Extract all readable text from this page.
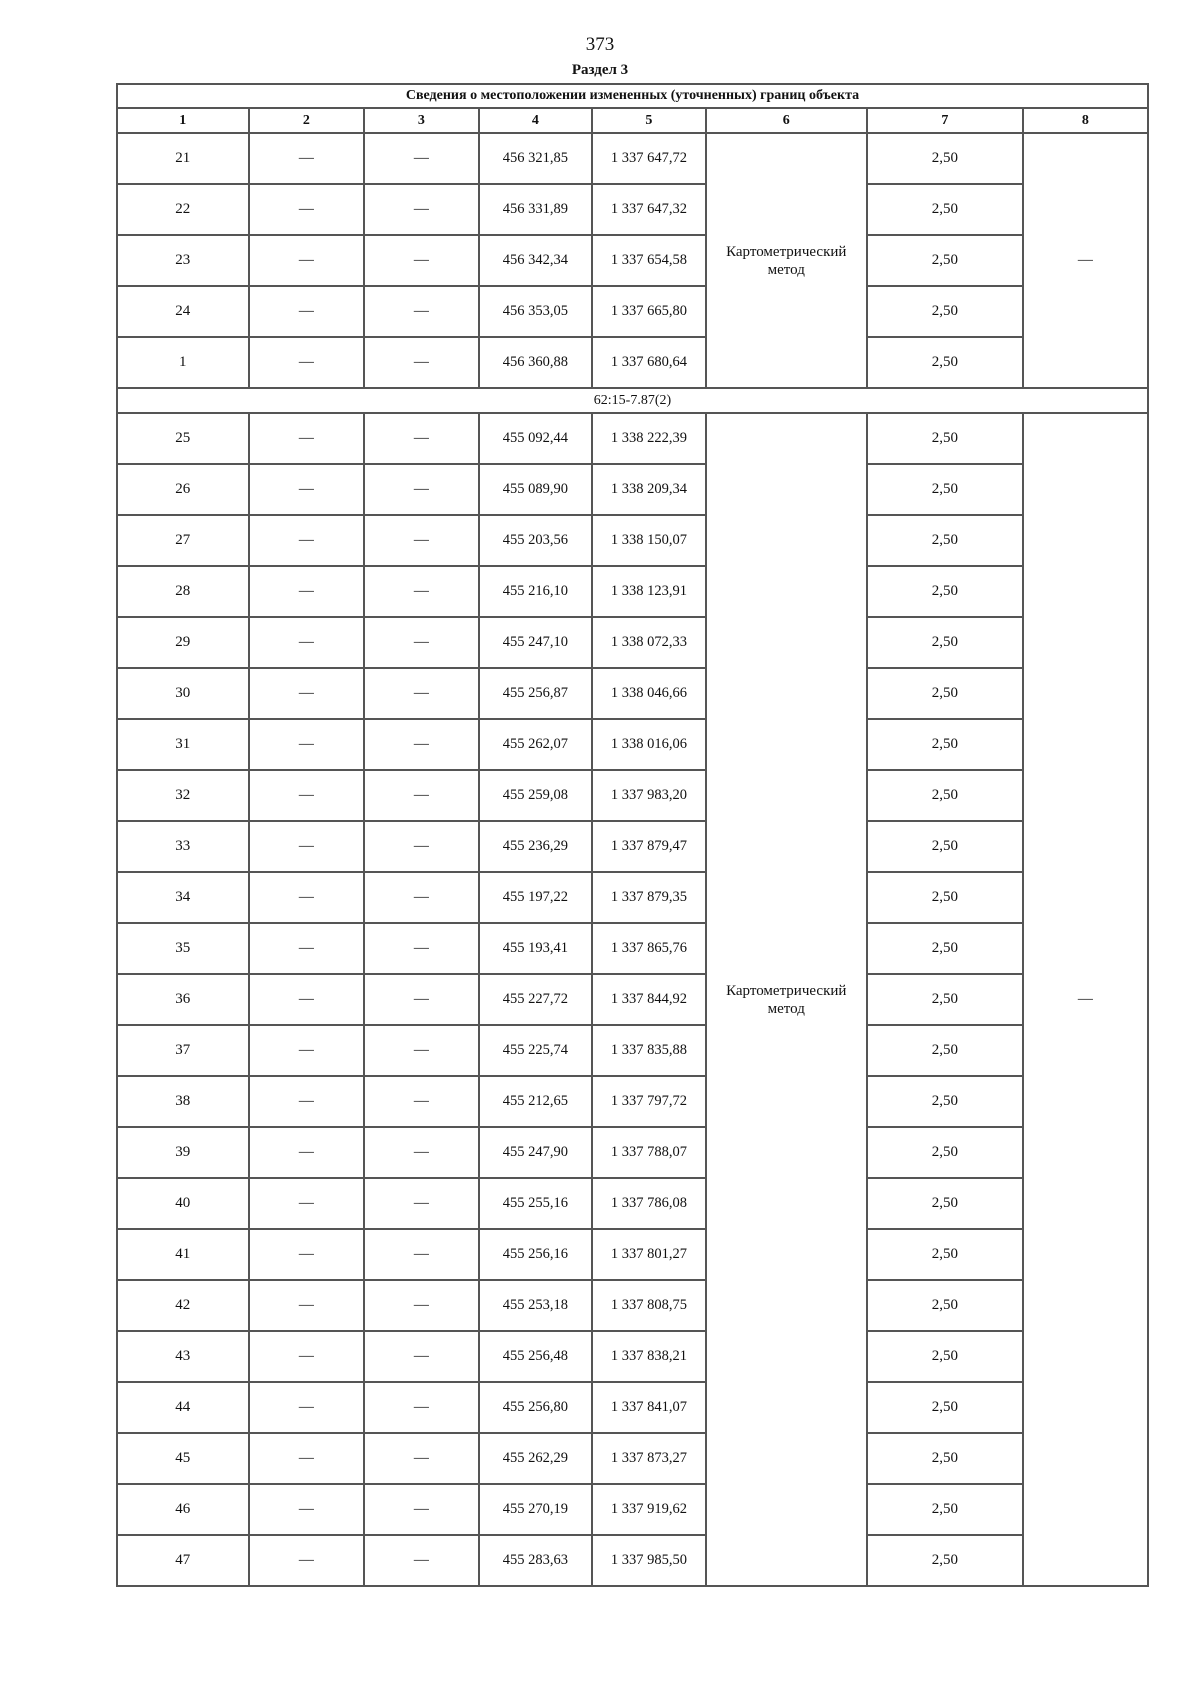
373
Раздел 3
Сведения о местоположении измененных (уточненных) границ объекта							
1	2	3	4	5	6	7	8
21	—	—	456 321,85	1 337 647,72	Картометрический метод	2,50	—
22	—	—	456 331,89	1 337 647,32		2,50	
23	—	—	456 342,34	1 337 654,58		2,50	
24	—	—	456 353,05	1 337 665,80		2,50	
1	—	—	456 360,88	1 337 680,64		2,50	
62:15-7.87(2)							
25	—	—	455 092,44	1 338 222,39	Картометрический метод	2,50	—
26	—	—	455 089,90	1 338 209,34		2,50	
27	—	—	455 203,56	1 338 150,07		2,50	
28	—	—	455 216,10	1 338 123,91		2,50	
29	—	—	455 247,10	1 338 072,33		2,50	
30	—	—	455 256,87	1 338 046,66		2,50	
31	—	—	455 262,07	1 338 016,06		2,50	
32	—	—	455 259,08	1 337 983,20		2,50	
33	—	—	455 236,29	1 337 879,47		2,50	
34	—	—	455 197,22	1 337 879,35		2,50	
35	—	—	455 193,41	1 337 865,76		2,50	
36	—	—	455 227,72	1 337 844,92		2,50	
37	—	—	455 225,74	1 337 835,88		2,50	
38	—	—	455 212,65	1 337 797,72		2,50	
39	—	—	455 247,90	1 337 788,07		2,50	
40	—	—	455 255,16	1 337 786,08		2,50	
41	—	—	455 256,16	1 337 801,27		2,50	
42	—	—	455 253,18	1 337 808,75		2,50	
43	—	—	455 256,48	1 337 838,21		2,50	
44	—	—	455 256,80	1 337 841,07		2,50	
45	—	—	455 262,29	1 337 873,27		2,50	
46	—	—	455 270,19	1 337 919,62		2,50	
47	—	—	455 283,63	1 337 985,50		2,50	
